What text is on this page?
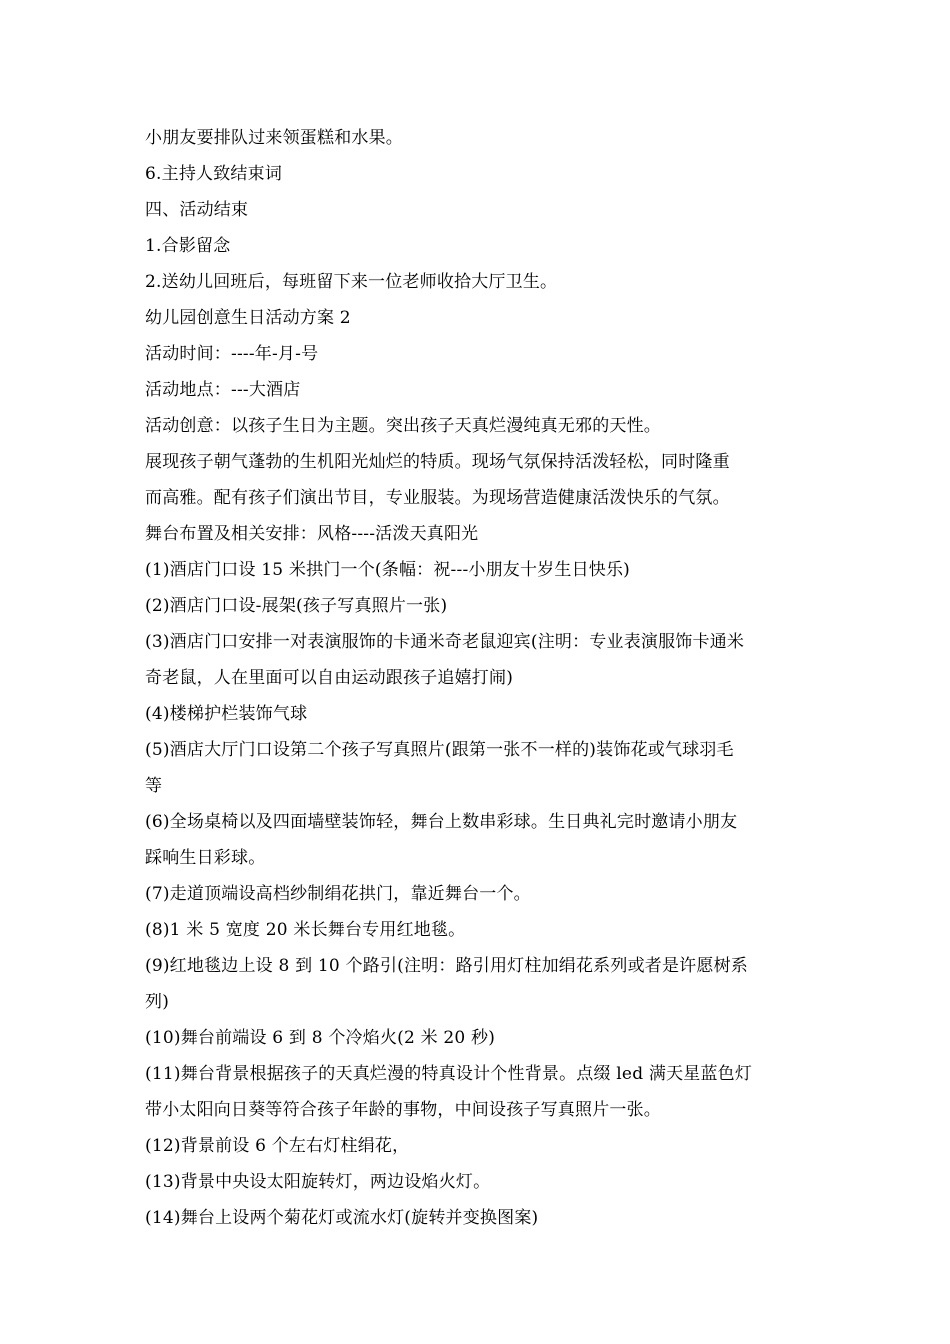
小朋友要排队过来领蛋糕和水果。
6.主持人致结束词
四、活动结束
1.合影留念
2.送幼儿回班后，每班留下来一位老师收拾大厅卫生。
幼儿园创意生日活动方案 2
活动时间：----年-月-号
活动地点：---大酒店
活动创意：以孩子生日为主题。突出孩子天真烂漫纯真无邪的天性。
展现孩子朝气蓬勃的生机阳光灿烂的特质。现场气氛保持活泼轻松，同时隆重
而高雅。配有孩子们演出节目，专业服装。为现场营造健康活泼快乐的气氛。
舞台布置及相关安排：风格----活泼天真阳光
(1)酒店门口设 15 米拱门一个(条幅：祝---小朋友十岁生日快乐)
(2)酒店门口设-展架(孩子写真照片一张)
(3)酒店门口安排一对表演服饰的卡通米奇老鼠迎宾(注明：专业表演服饰卡通米
奇老鼠，人在里面可以自由运动跟孩子追嬉打闹)
(4)楼梯护栏装饰气球
(5)酒店大厅门口设第二个孩子写真照片(跟第一张不一样的)装饰花或气球羽毛
等
(6)全场桌椅以及四面墙壁装饰轻，舞台上数串彩球。生日典礼完时邀请小朋友
踩响生日彩球。
(7)走道顶端设高档纱制绢花拱门，靠近舞台一个。
(8)1 米 5 宽度 20 米长舞台专用红地毯。
(9)红地毯边上设 8 到 10 个路引(注明：路引用灯柱加绢花系列或者是许愿树系
列)
(10)舞台前端设 6 到 8 个冷焰火(2 米 20 秒)
(11)舞台背景根据孩子的天真烂漫的特真设计个性背景。点缀 led 满天星蓝色灯
带小太阳向日葵等符合孩子年龄的事物，中间设孩子写真照片一张。
(12)背景前设 6 个左右灯柱绢花，
(13)背景中央设太阳旋转灯，两边设焰火灯。
(14)舞台上设两个菊花灯或流水灯(旋转并变换图案)
